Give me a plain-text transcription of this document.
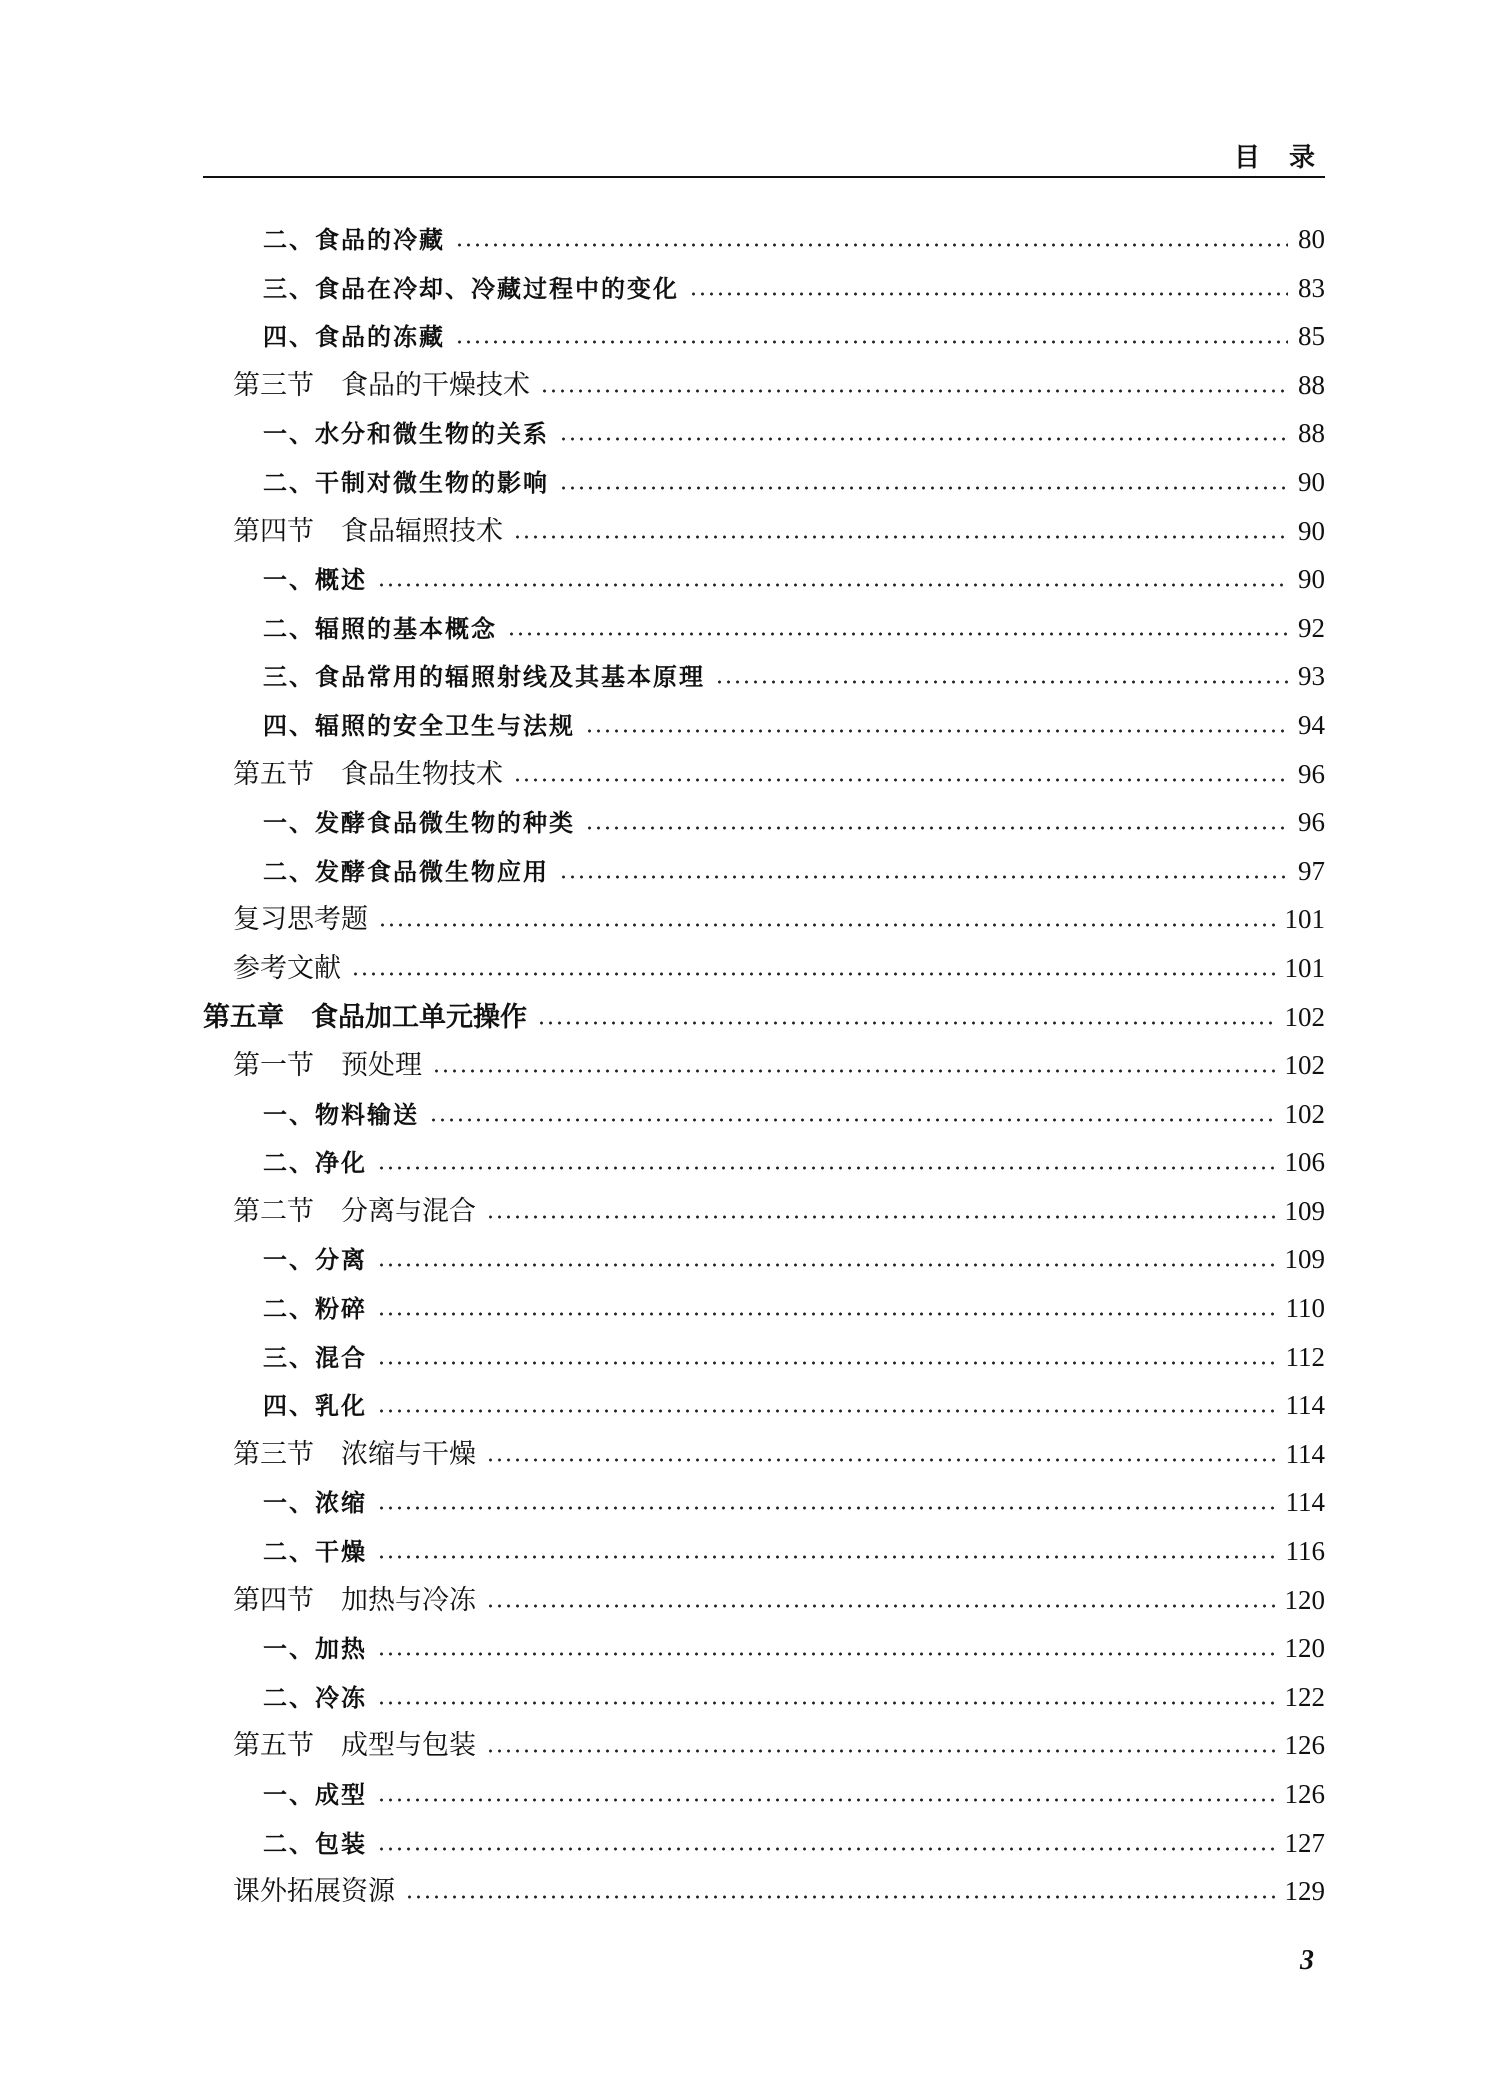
目 录
二、食品的冷藏	80
三、食品在冷却、冷藏过程中的变化	83
四、食品的冻藏	85
第三节　食品的干燥技术	88
一、水分和微生物的关系	88
二、干制对微生物的影响	90
第四节　食品辐照技术	90
一、概述	90
二、辐照的基本概念	92
三、食品常用的辐照射线及其基本原理	93
四、辐照的安全卫生与法规	94
第五节　食品生物技术	96
一、发酵食品微生物的种类	96
二、发酵食品微生物应用	97
复习思考题	101
参考文献	101
第五章　食品加工单元操作	102
第一节　预处理	102
一、物料输送	102
二、净化	106
第二节　分离与混合	109
一、分离	109
二、粉碎	110
三、混合	112
四、乳化	114
第三节　浓缩与干燥	114
一、浓缩	114
二、干燥	116
第四节　加热与冷冻	120
一、加热	120
二、冷冻	122
第五节　成型与包装	126
一、成型	126
二、包装	127
课外拓展资源	129
3
